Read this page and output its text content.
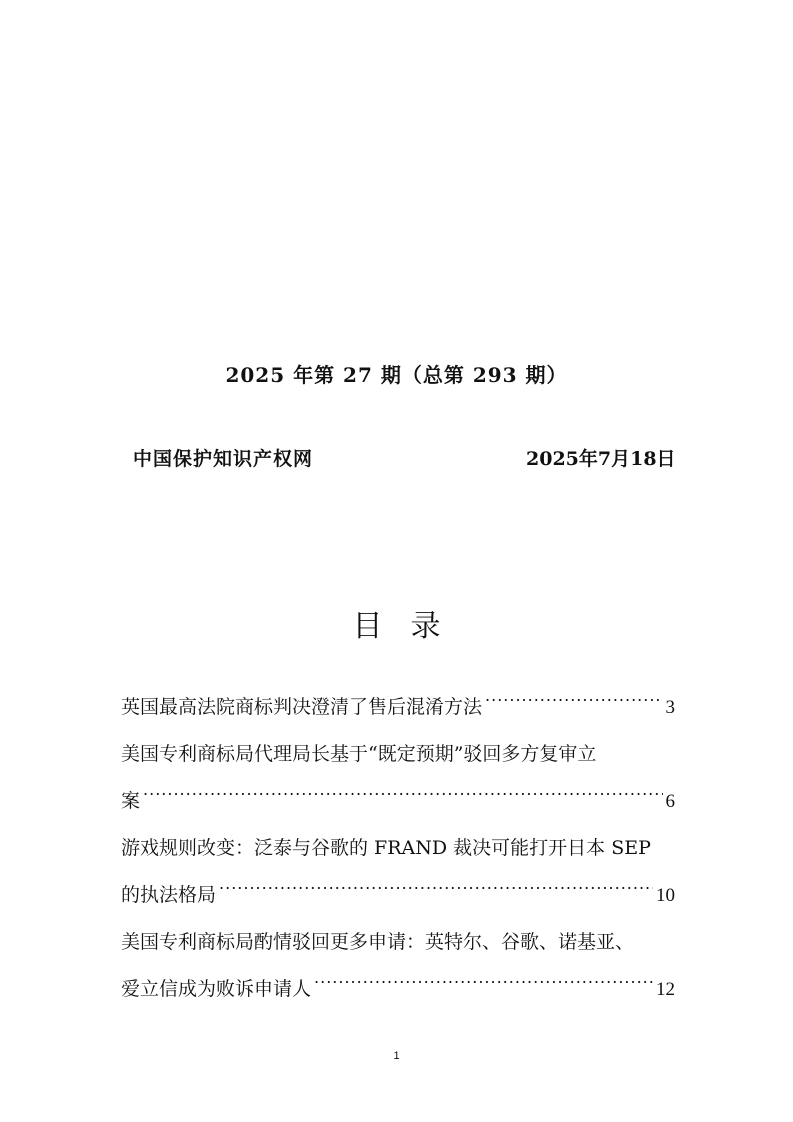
2025 年第 27 期（总第 293 期）
中国保护知识产权网	2025年7月18日
目录
英国最高法院商标判决澄清了售后混淆方法 .....	3
美国专利商标局代理局长基于“既定预期”驳回多方复审立
案 .....	6
游戏规则改变：泛泰与谷歌的 FRAND 裁决可能打开日本 SEP
的执法格局 .....	10
美国专利商标局酌情驳回更多申请：英特尔、谷歌、诺基亚、
爱立信成为败诉申请人 .....	12
1
